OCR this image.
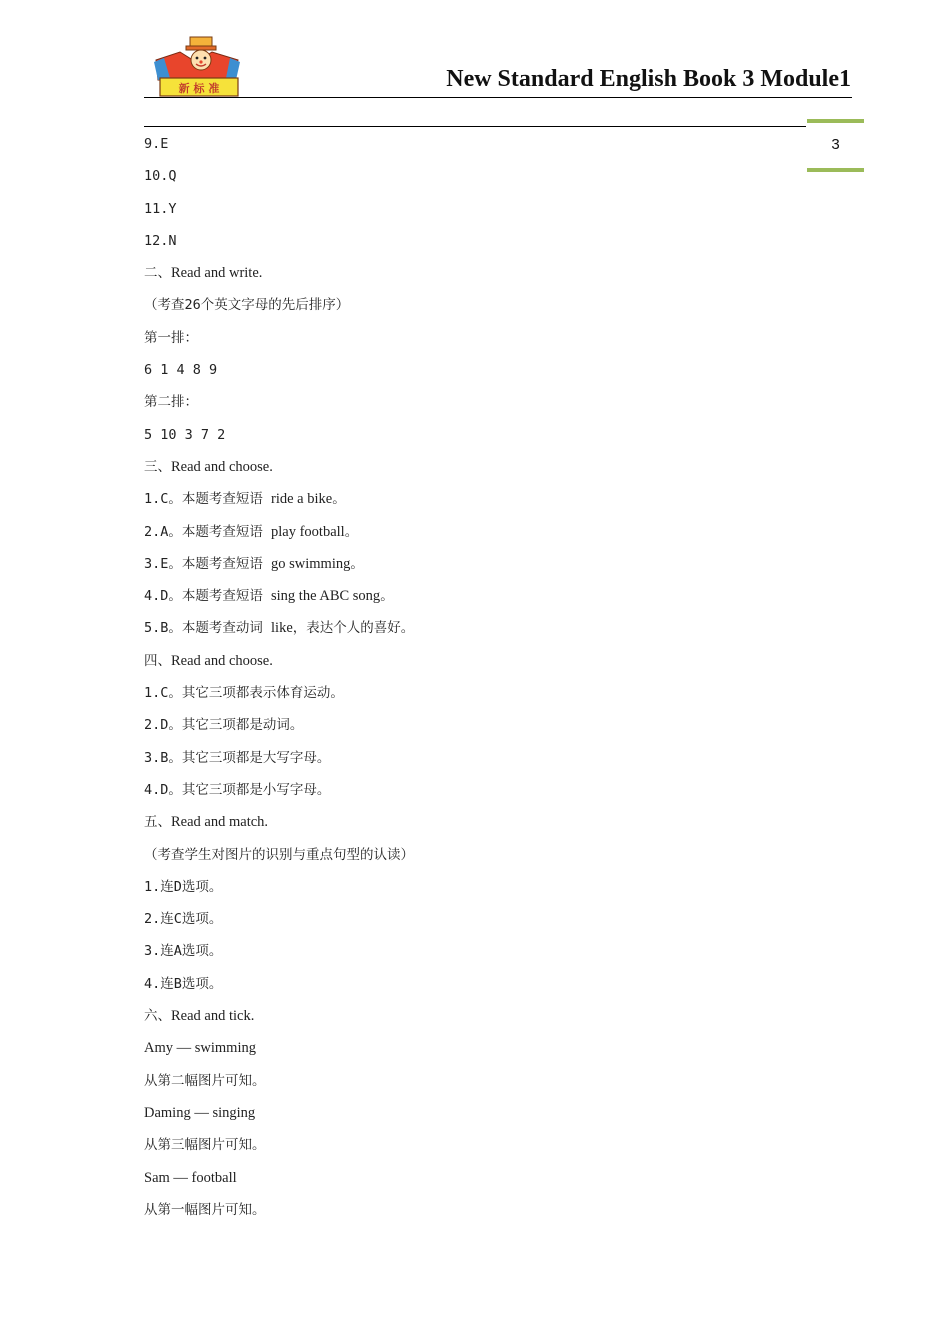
新 标 准	New Standard English Book 3 Module1
3
9.E
10.Q
11.Y
12.N
二、Read and write.
（考查26个英文字母的先后排序）
第一排：
6 1 4 8 9
第二排：
5 10 3 7 2
三、Read and choose.
1.C。本题考查短语 ride a bike。
2.A。本题考查短语 play football。
3.E。本题考查短语 go swimming。
4.D。本题考查短语 sing the ABC song。
5.B。本题考查动词 like，表达个人的喜好。
四、Read and choose.
1.C。其它三项都表示体育运动。
2.D。其它三项都是动词。
3.B。其它三项都是大写字母。
4.D。其它三项都是小写字母。
五、Read and match.
（考查学生对图片的识别与重点句型的认读）
1.连D选项。
2.连C选项。
3.连A选项。
4.连B选项。
六、Read and tick.
Amy — swimming
从第二幅图片可知。
Daming — singing
从第三幅图片可知。
Sam — football
从第一幅图片可知。
